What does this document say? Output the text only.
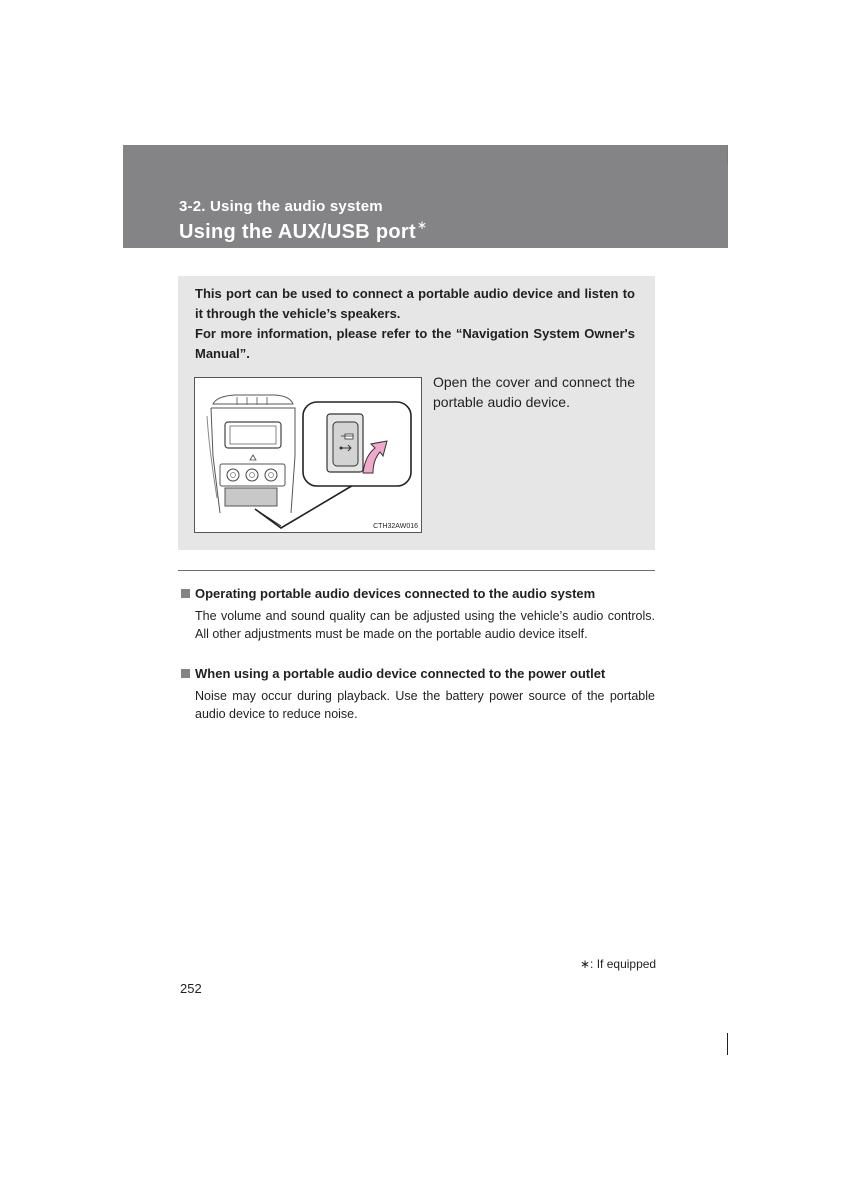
3-2. Using the audio system
Using the AUX/USB port∗

This port can be used to connect a portable audio device and listen to it through the vehicle’s speakers.

For more information, please refer to the “Navigation System Owner's Manual”.

CTH32AW016
Open the cover and connect the portable audio device.
Operating portable audio devices connected to the audio system
The volume and sound quality can be adjusted using the vehicle’s audio controls. All other adjustments must be made on the portable audio device itself.
When using a portable audio device connected to the power outlet
Noise may occur during playback. Use the battery power source of the portable audio device to reduce noise.
∗: If equipped
252
